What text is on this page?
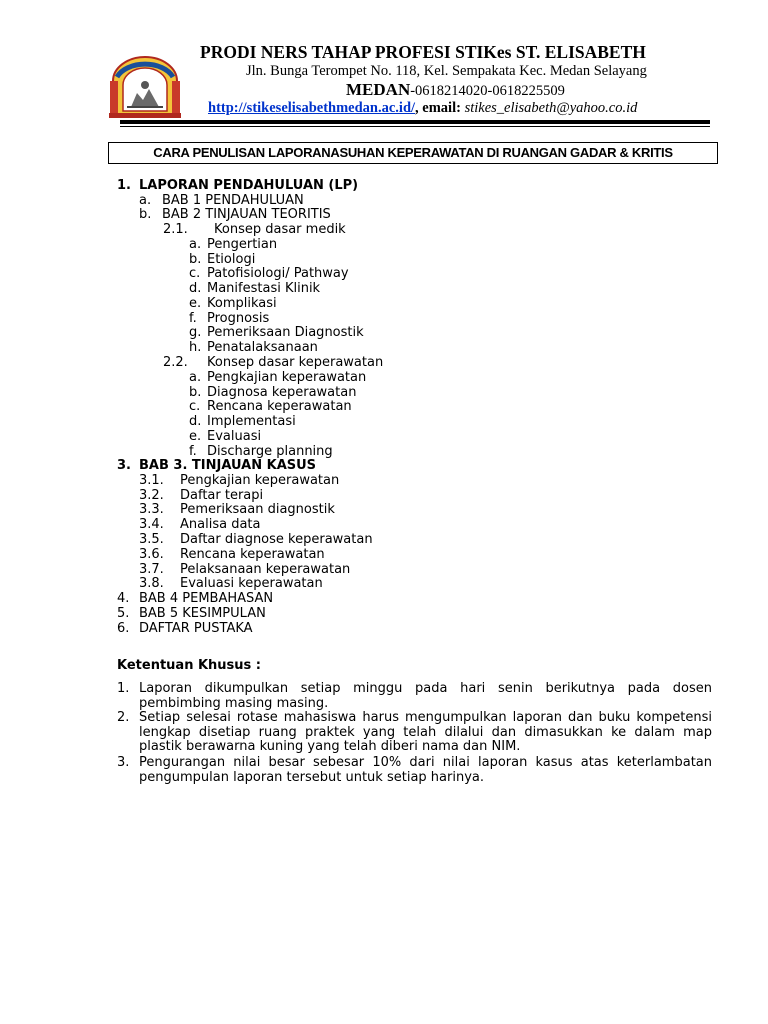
PRODI NERS TAHAP PROFESI STIKes ST. ELISABETH
Jln. Bunga Terompet No. 118, Kel. Sempakata Kec. Medan Selayang
MEDAN-0618214020-0618225509
http://stikeselisabethmedan.ac.id/, email: stikes_elisabeth@yahoo.co.id
CARA PENULISAN LAPORANASUHAN KEPERAWATAN DI RUANGAN GADAR & KRITIS
1. LAPORAN PENDAHULUAN (LP)
a. BAB 1 PENDAHULUAN
b. BAB 2 TINJAUAN TEORITIS
2.1. Konsep dasar medik
a. Pengertian
b. Etiologi
c. Patofisiologi/ Pathway
d. Manifestasi Klinik
e. Komplikasi
f. Prognosis
g. Pemeriksaan Diagnostik
h. Penatalaksanaan
2.2. Konsep dasar keperawatan
a. Pengkajian keperawatan
b. Diagnosa keperawatan
c. Rencana keperawatan
d. Implementasi
e. Evaluasi
f. Discharge planning
3. BAB 3. TINJAUAN KASUS
3.1. Pengkajian keperawatan
3.2. Daftar terapi
3.3. Pemeriksaan diagnostik
3.4. Analisa data
3.5. Daftar diagnose keperawatan
3.6. Rencana keperawatan
3.7. Pelaksanaan keperawatan
3.8. Evaluasi keperawatan
4. BAB 4 PEMBAHASAN
5. BAB 5 KESIMPULAN
6. DAFTAR PUSTAKA
Ketentuan Khusus :
1. Laporan dikumpulkan setiap minggu pada hari senin berikutnya pada dosen pembimbing masing masing.
2. Setiap selesai rotase mahasiswa harus mengumpulkan laporan dan buku kompetensi lengkap disetiap ruang praktek yang telah dilalui dan dimasukkan ke dalam map plastik berawarna kuning yang telah diberi nama dan NIM.
3. Pengurangan nilai besar sebesar 10% dari nilai laporan kasus atas keterlambatan pengumpulan laporan tersebut untuk setiap harinya.
